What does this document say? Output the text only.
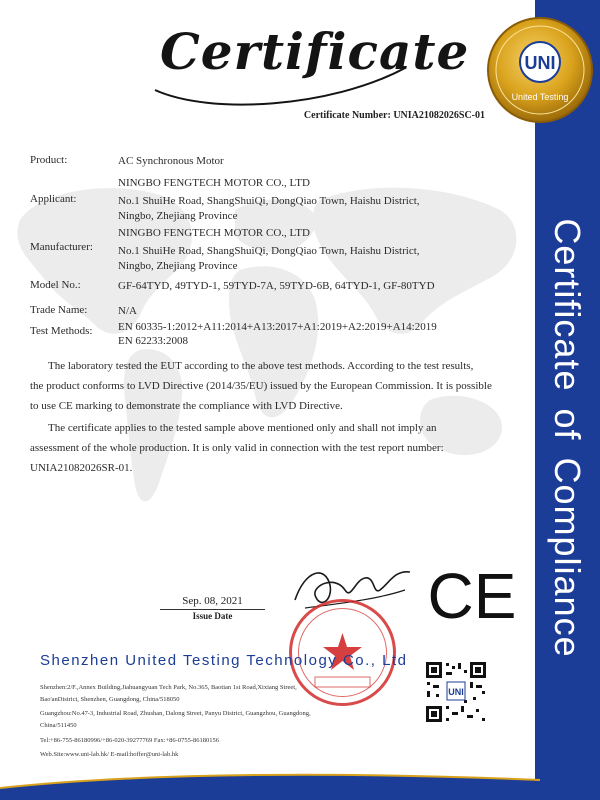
Certificate of Compliance
UNI
United Testing
Certificate
Certificate Number: UNIA21082026SC-01
Product:	AC Synchronous Motor
Applicant:
NINGBO FENGTECH MOTOR CO., LTD
No.1 ShuiHe Road, ShangShuiQi, DongQiao Town, Haishu District,
Ningbo, Zhejiang Province
Manufacturer:
NINGBO FENGTECH MOTOR CO., LTD
No.1 ShuiHe Road, ShangShuiQi, DongQiao Town, Haishu District,
Ningbo, Zhejiang Province
Model No.:	GF-64TYD, 49TYD-1, 59TYD-7A, 59TYD-6B, 64TYD-1, GF-80TYD
Trade Name:	N/A
Test Methods: EN 60335-1:2012+A11:2014+A13:2017+A1:2019+A2:2019+A14:2019
EN 62233:2008
The laboratory tested the EUT according to the above test methods. According to the test results,
the product conforms to LVD Directive (2014/35/EU) issued by the European Commission. It is possible
to use CE marking to demonstrate the compliance with LVD Directive.
The certificate applies to the tested sample above mentioned only and shall not imply an
assessment of the whole production. It is only valid in connection with the test report number:
UNIA21082026SR-01.
Sep. 08, 2021
Issue Date	CE
Shenzhen United Testing Technology Co., Ltd
Shenzhen:2/F.,Annex Building,Jiahuangyuan Tech Park, No.365, Baotian 1st Road,Xixiang Street,
Bao'anDistrict, Shenzhen, Guangdong, China/518050
Guangzhou:No.47-3, Industrial Road, Zhushan, Dalong Street, Panyu District, Guangzhou, Guangdong,
China/511450
Tel:+86-755-86180996/+86-020-39277769 Fax:+86-0755-86180156
Web.Site:www.uni-lab.hk/ E-mail:hoffer@uni-lab.hk
UNI
